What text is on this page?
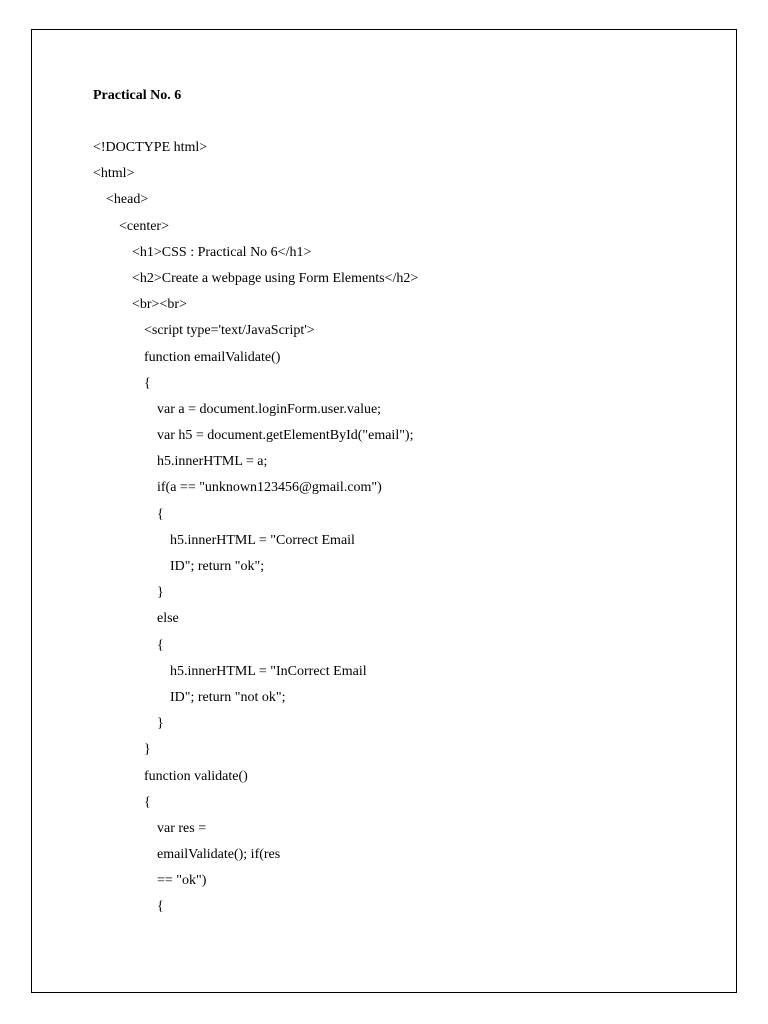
Practical No. 6
<!DOCTYPE html>
<html>
<head>
<center>
<h1>CSS : Practical No 6</h1>
<h2>Create a webpage using Form Elements</h2>
<br><br>
<script type='text/JavaScript'>
function emailValidate()
{
var a = document.loginForm.user.value;
var h5 = document.getElementById("email");
h5.innerHTML = a;
if(a == "unknown123456@gmail.com")
{
h5.innerHTML = "Correct Email
ID"; return "ok";
}
else
{
h5.innerHTML = "InCorrect Email
ID"; return "not ok";
}
}
function validate()
{
var res =
emailValidate(); if(res
== "ok")
{
